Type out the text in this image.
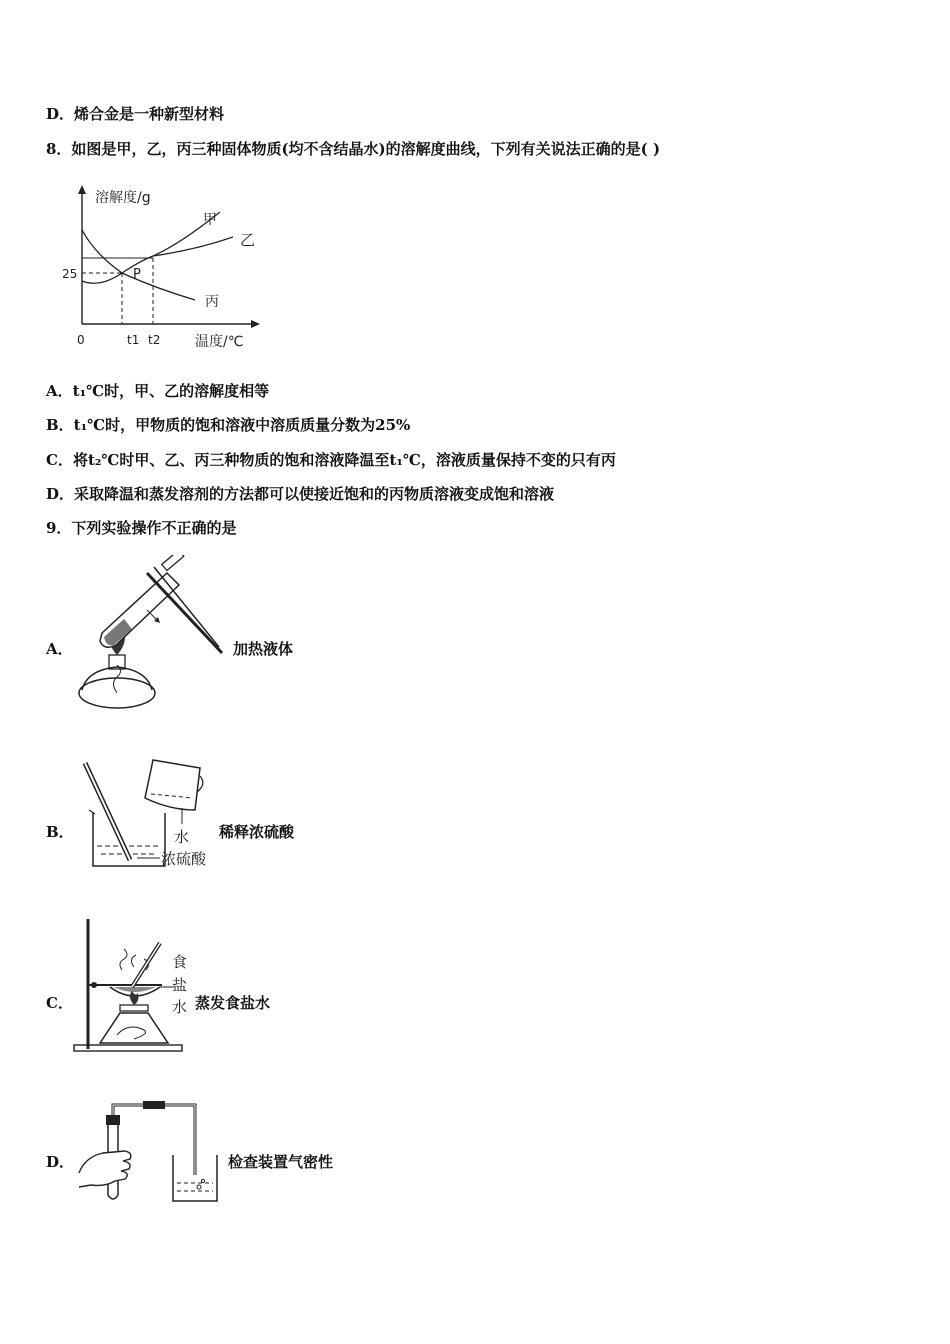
D．烯合金是一种新型材料
8．如图是甲，乙，丙三种固体物质(均不含结晶水)的溶解度曲线，下列有关说法正确的是( )
溶解度/g
温度/℃
0
25
t1 t2
P
甲
乙
丙
A．t₁℃时，甲、乙的溶解度相等
B．t₁℃时，甲物质的饱和溶液中溶质质量分数为25%
C．将t₂℃时甲、乙、丙三种物质的饱和溶液降温至t₁℃，溶液质量保持不变的只有丙
D．采取降温和蒸发溶剂的方法都可以使接近饱和的丙物质溶液变成饱和溶液
9．下列实验操作不正确的是
A．	加热液体
B．	水
浓硫酸
稀释浓硫酸
C．
食
盐
水 蒸发食盐水
D．	检查装置气密性
